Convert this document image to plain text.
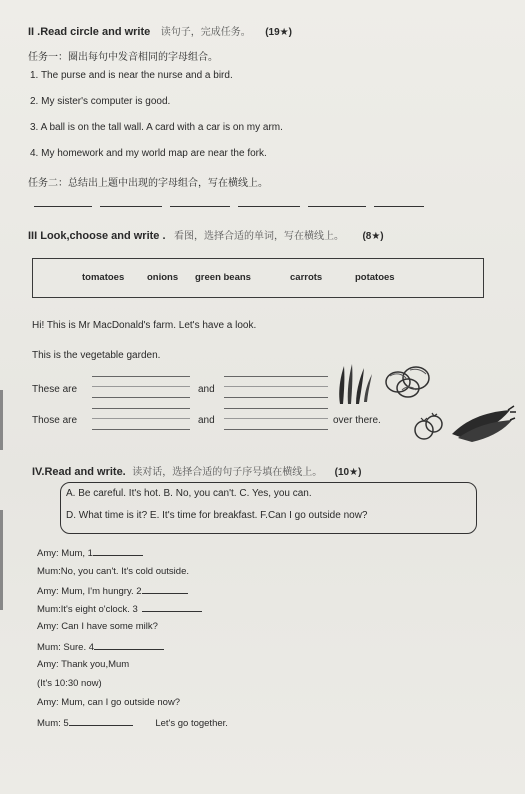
II .Read circle and write 读句子，完成任务。 (19★)
任务一：圈出每句中发音相同的字母组合。
1. The purse and is near the nurse and a bird.
2. My sister's computer is good.
3. A ball is on the tall wall. A card with a car is on my arm.
4. My homework and my world map are near the fork.
任务二：总结出上题中出现的字母组合，写在横线上。
III Look,choose and write . 看图，选择合适的单词，写在横线上。 (8★)
tomatoes onions green beans	carrots	potatoes
Hi! This is Mr MacDonald's farm. Let's have a look.
This is the vegetable garden.
These are	and
Those are	and	over there.
IV.Read and write. 读对话，选择合适的句子序号填在横线上。 (10★)
A. Be careful. It's hot. B. No, you can't. C. Yes, you can.
D. What time is it? E. It's time for breakfast. F.Can I go outside now?
Amy: Mum, 1
Mum:No, you can't. It's cold outside.
Amy: Mum, I'm hungry. 2
Mum:It's eight o'clock. 3
Amy: Can I have some milk?
Mum: Sure. 4
Amy: Thank you,Mum
(It's 10:30 now)
Amy: Mum, can I go outside now?
Mum: 5	Let's go together.
